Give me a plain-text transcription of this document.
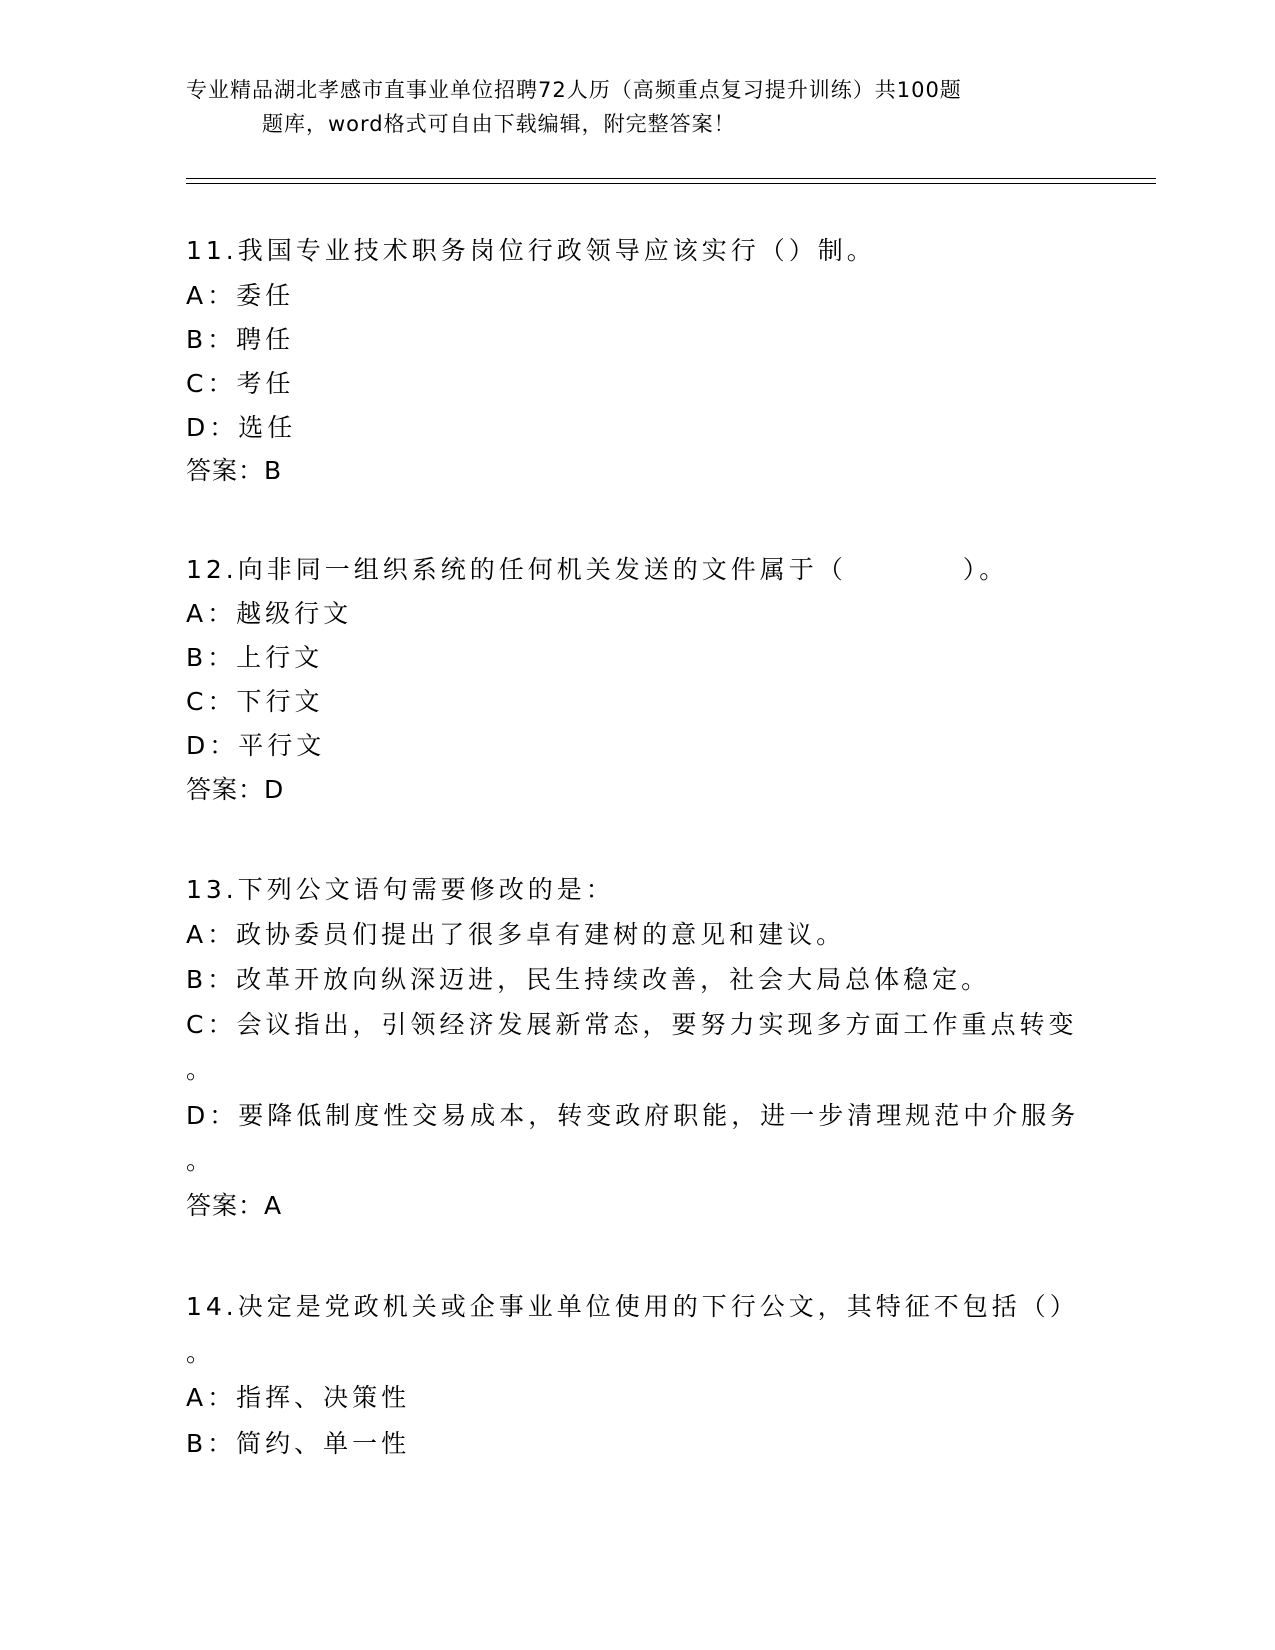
专业精品湖北孝感市直事业单位招聘72人历（高频重点复习提升训练）共100题
题库，word格式可自由下载编辑，附完整答案！
11.我国专业技术职务岗位行政领导应该实行（）制。
A：委任
B：聘任
C：考任
D：选任
答案：B
12.向非同一组织系统的任何机关发送的文件属于（　　　　）。
A：越级行文
B：上行文
C：下行文
D：平行文
答案：D
13.下列公文语句需要修改的是：
A：政协委员们提出了很多卓有建树的意见和建议。
B：改革开放向纵深迈进，民生持续改善，社会大局总体稳定。
C：会议指出，引领经济发展新常态，要努力实现多方面工作重点转变
。
D：要降低制度性交易成本，转变政府职能，进一步清理规范中介服务
。
答案：A
14.决定是党政机关或企事业单位使用的下行公文，其特征不包括（）
。
A：指挥、决策性
B：简约、单一性
